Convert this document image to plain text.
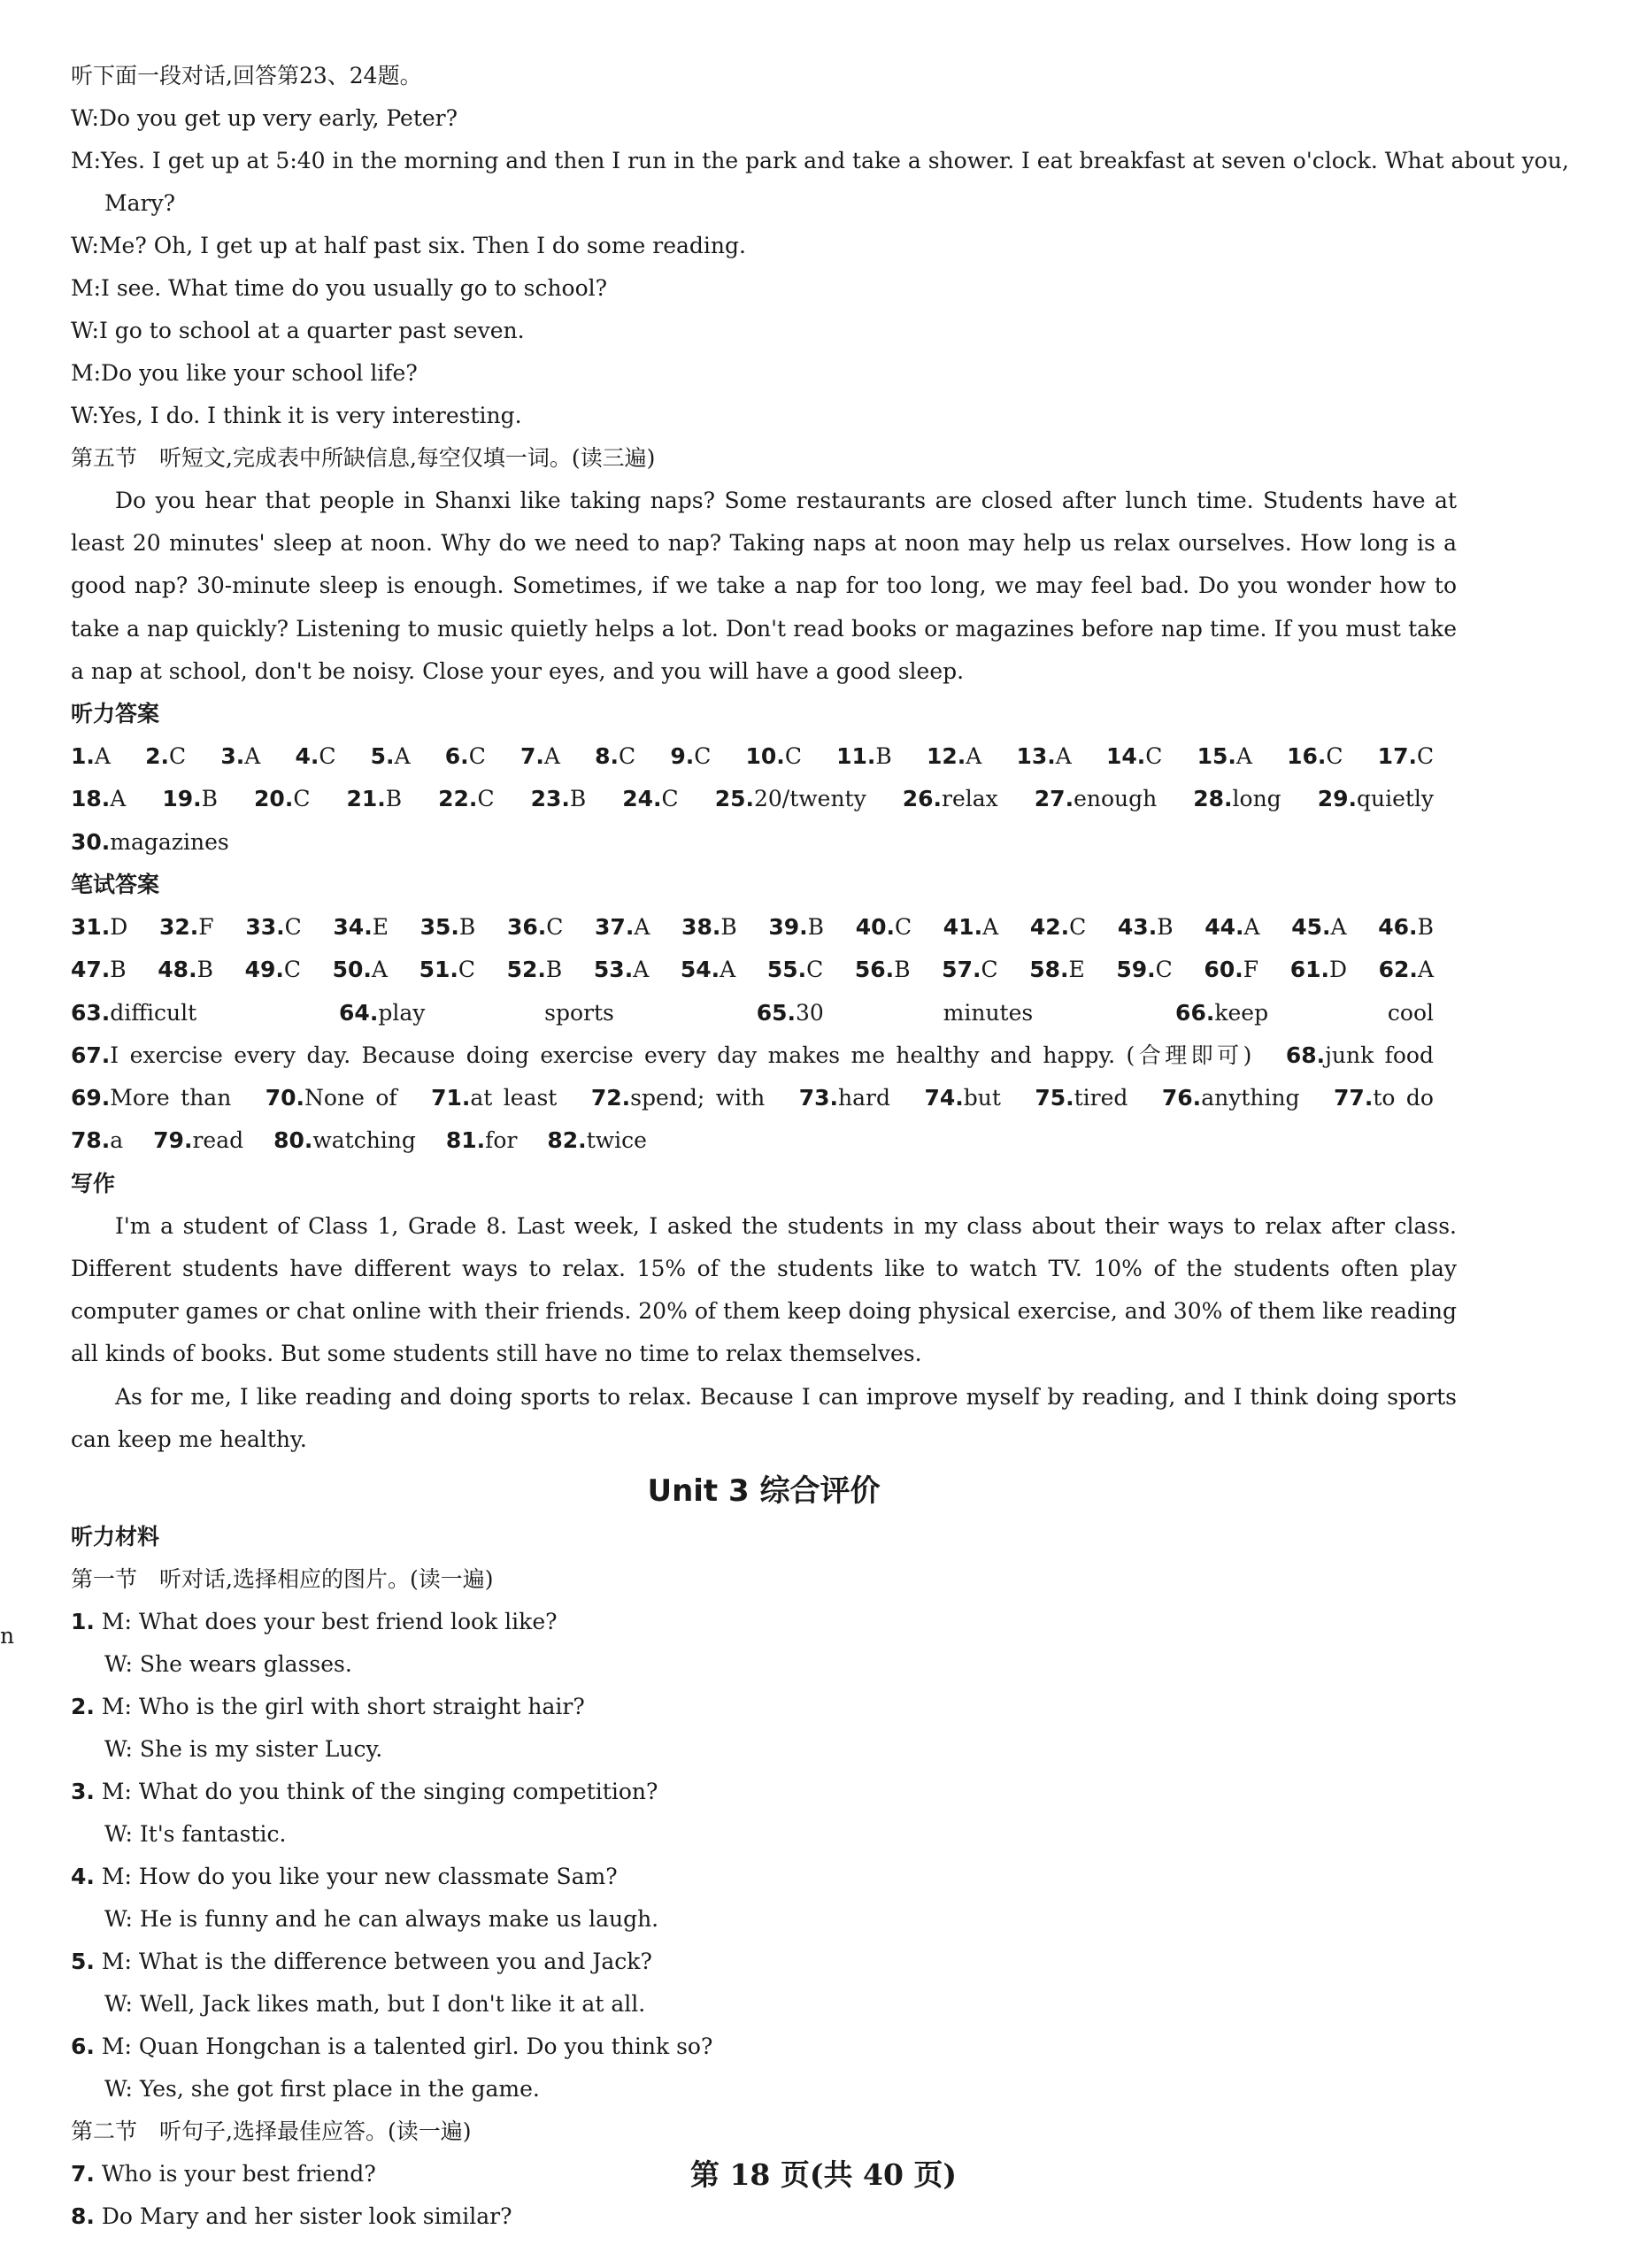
听下面一段对话,回答第23、24题。
W:Do you get up very early, Peter?
M:Yes. I get up at 5:40 in the morning and then I run in the park and take a shower. I eat breakfast at seven o'clock. What about you,
Mary?
W:Me? Oh, I get up at half past six. Then I do some reading.
M:I see. What time do you usually go to school?
W:I go to school at a quarter past seven.
M:Do you like your school life?
W:Yes, I do. I think it is very interesting.
第五节　听短文,完成表中所缺信息,每空仅填一词。(读三遍)
Do you hear that people in Shanxi like taking naps? Some restaurants are closed after lunch time. Students have at least 20 minutes' sleep at noon. Why do we need to nap? Taking naps at noon may help us relax ourselves. How long is a good nap? 30-minute sleep is enough. Sometimes, if we take a nap for too long, we may feel bad. Do you wonder how to take a nap quickly? Listening to music quietly helps a lot. Don't read books or magazines before nap time. If you must take a nap at school, don't be noisy. Close your eyes, and you will have a good sleep.
听力答案
1.A 2.C 3.A 4.C 5.A 6.C 7.A 8.C 9.C 10.C 11.B 12.A 13.A 14.C 15.A 16.C 17.C 18.A 19.B 20.C 21.B 22.C 23.B 24.C 25.20/twenty 26.relax 27.enough 28.long 29.quietly 30.magazines
笔试答案
31.D 32.F 33.C 34.E 35.B 36.C 37.A 38.B 39.B 40.C 41.A 42.C 43.B 44.A 45.A 46.B 47.B 48.B 49.C 50.A 51.C 52.B 53.A 54.A 55.C 56.B 57.C 58.E 59.C 60.F 61.D 62.A 63.difficult	64.play sports	65.30 minutes	66.keep cool 67.I exercise every day. Because doing exercise every day makes me healthy and happy. (合理即可) 68.junk food 69.More than 70.None of 71.at least 72.spend; with 73.hard 74.but 75.tired 76.anything 77.to do 78.a 79.read 80.watching 81.for 82.twice
写作
I'm a student of Class 1, Grade 8. Last week, I asked the students in my class about their ways to relax after class. Different students have different ways to relax. 15% of the students like to watch TV. 10% of the students often play computer games or chat online with their friends. 20% of them keep doing physical exercise, and 30% of them like reading all kinds of books. But some students still have no time to relax themselves.
As for me, I like reading and doing sports to relax. Because I can improve myself by reading, and I think doing sports can keep me healthy.
Unit 3 综合评价
听力材料
第一节　听对话,选择相应的图片。(读一遍)
1. M: What does your best friend look like?
W: She wears glasses.
2. M: Who is the girl with short straight hair?
W: She is my sister Lucy.
3. M: What do you think of the singing competition?
W: It's fantastic.
4. M: How do you like your new classmate Sam?
W: He is funny and he can always make us laugh.
5. M: What is the difference between you and Jack?
W: Well, Jack likes math, but I don't like it at all.
6. M: Quan Hongchan is a talented girl. Do you think so?
W: Yes, she got first place in the game.
第二节　听句子,选择最佳应答。(读一遍)
7. Who is your best friend?
8. Do Mary and her sister look similar?
n
第 18 页(共 40 页)
